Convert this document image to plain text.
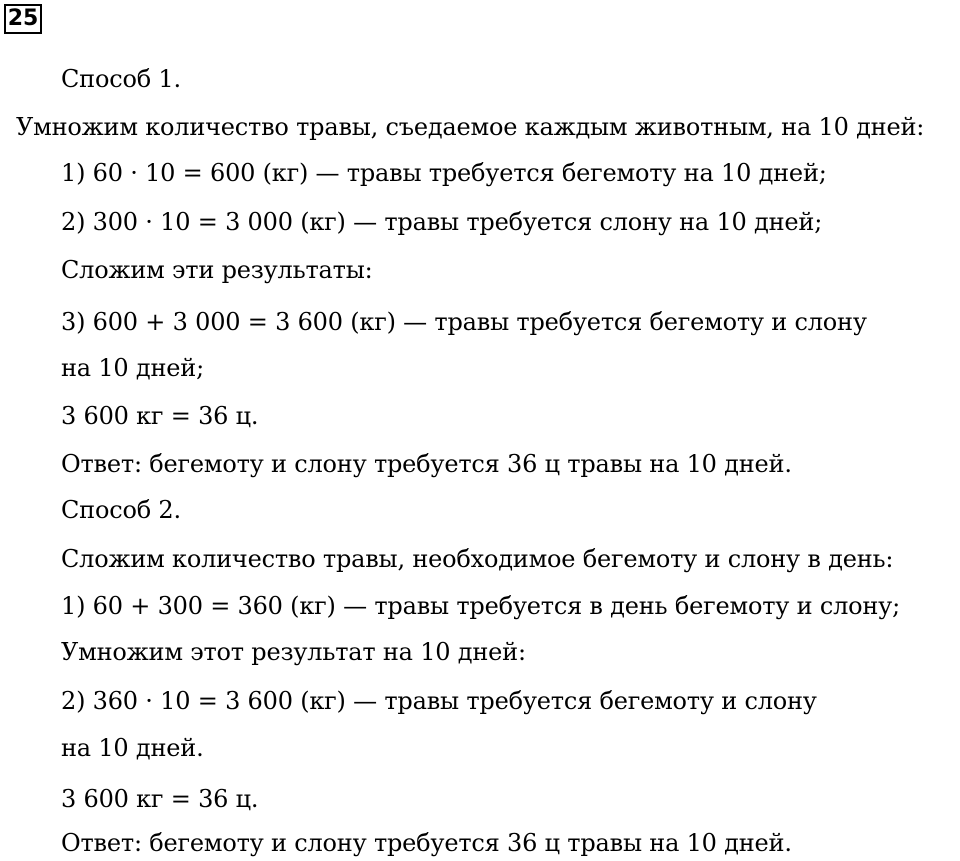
25
Способ 1.
Умножим количество травы, съедаемое каждым животным, на 10 дней:
1) 60 · 10 = 600 (кг) — травы требуется бегемоту на 10 дней;
2) 300 · 10 = 3 000 (кг) — травы требуется слону на 10 дней;
Сложим эти результаты:
3) 600 + 3 000 = 3 600 (кг) — травы требуется бегемоту и слону
на 10 дней;
3 600 кг = 36 ц.
Ответ: бегемоту и слону требуется 36 ц травы на 10 дней.
Способ 2.
Сложим количество травы, необходимое бегемоту и слону в день:
1) 60 + 300 = 360 (кг) — травы требуется в день бегемоту и слону;
Умножим этот результат на 10 дней:
2) 360 · 10 = 3 600 (кг) — травы требуется бегемоту и слону
на 10 дней.
3 600 кг = 36 ц.
Ответ: бегемоту и слону требуется 36 ц травы на 10 дней.
